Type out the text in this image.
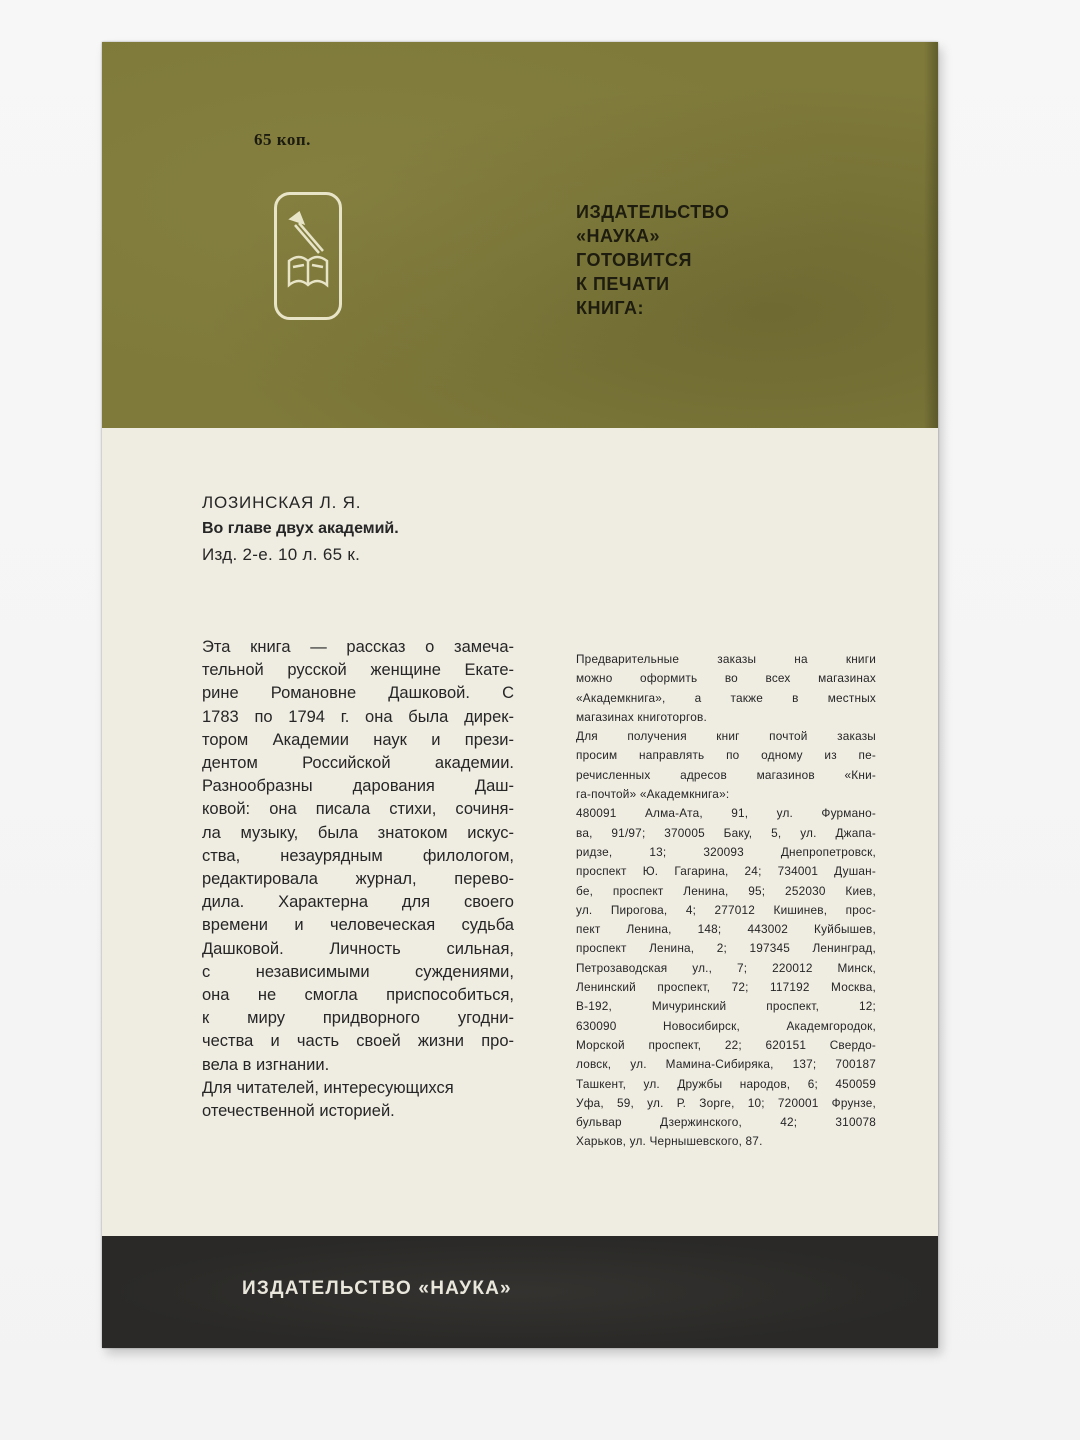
65 коп.
ИЗДАТЕЛЬСТВО
«НАУКА»
ГОТОВИТСЯ
К ПЕЧАТИ
КНИГА:
ЛОЗИНСКАЯ Л. Я.
Во главе двух академий.
Изд. 2-е. 10 л. 65 к.
Эта книга — рассказ о замеча-
тельной русской женщине Екате-
рине Романовне Дашковой. С
1783 по 1794 г. она была дирек-
тором Академии наук и прези-
дентом Российской академии.
Разнообразны дарования Даш-
ковой: она писала стихи, сочиня-
ла музыку, была знатоком искус-
ства, незаурядным филологом,
редактировала журнал, перево-
дила. Характерна для своего
времени и человеческая судьба
Дашковой. Личность сильная,
с независимыми суждениями,
она не смогла приспособиться,
к миру придворного угодни-
чества и часть своей жизни про-
вела в изгнании.
Для читателей, интересующихся
отечественной историей.
Предварительные заказы на книги
можно оформить во всех магазинах
«Академкнига», а также в местных
магазинах книготоргов.
Для получения книг почтой заказы
просим направлять по одному из пе-
речисленных адресов магазинов «Кни-
га-почтой» «Академкнига»:
480091 Алма-Ата, 91, ул. Фурмано-
ва, 91/97; 370005 Баку, 5, ул. Джапа-
ридзе, 13; 320093 Днепропетровск,
проспект Ю. Гагарина, 24; 734001 Душан-
бе, проспект Ленина, 95; 252030 Киев,
ул. Пирогова, 4; 277012 Кишинев, прос-
пект Ленина, 148; 443002 Куйбышев,
проспект Ленина, 2; 197345 Ленинград,
Петрозаводская ул., 7; 220012 Минск,
Ленинский проспект, 72; 117192 Москва,
В-192, Мичуринский проспект, 12;
630090 Новосибирск, Академгородок,
Морской проспект, 22; 620151 Свердо-
ловск, ул. Мамина-Сибиряка, 137; 700187
Ташкент, ул. Дружбы народов, 6; 450059
Уфа, 59, ул. Р. Зорге, 10; 720001 Фрунзе,
бульвар Дзержинского, 42; 310078
Харьков, ул. Чернышевского, 87.
ИЗДАТЕЛЬСТВО «НАУКА»
